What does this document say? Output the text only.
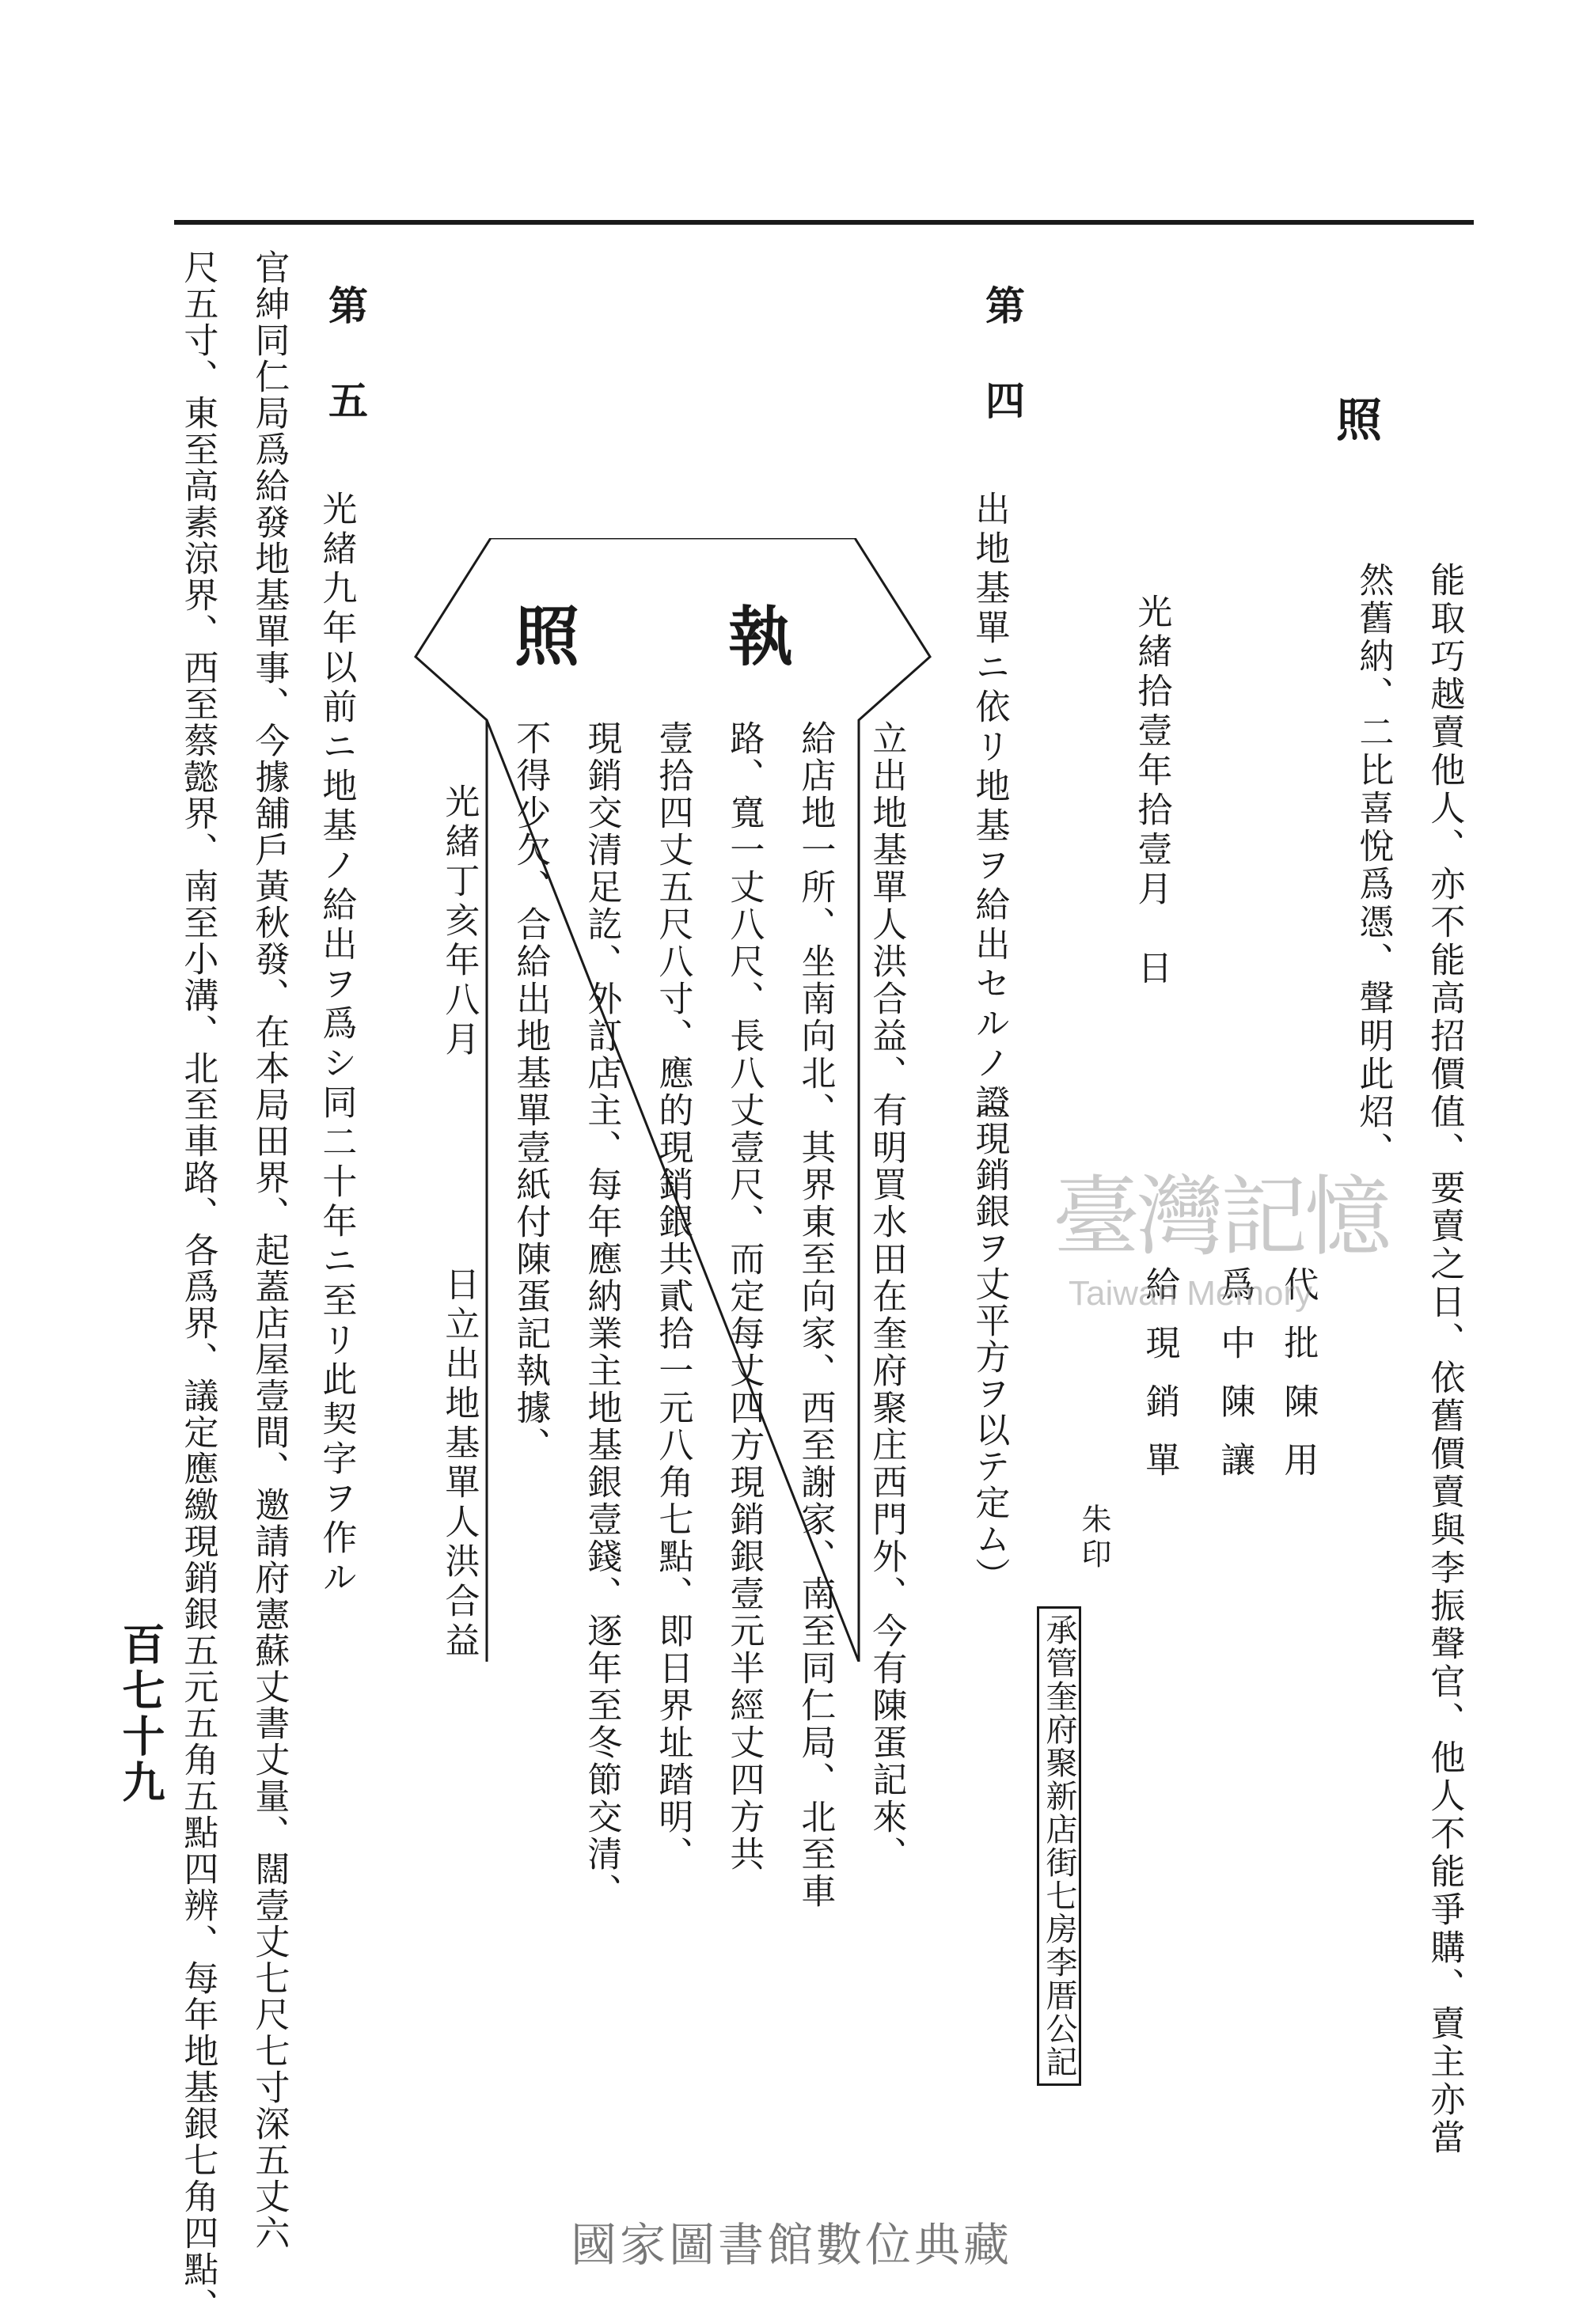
能取巧越賣他人、亦不能高招價值、要賣之日、依舊價賣與李振聲官、他人不能爭購、賣主亦當
然舊納、二比喜悅爲憑、聲明此炤、
照
光緒拾壹年拾壹月
日
代批陳用
爲中陳讓
給現銷單
朱印
承管奎府聚新店街七房李厝公記
第四
出地基單ニ依リ地基ヲ給出セルノ證
（現銷銀ヲ丈平方ヲ以テ定ム）
執
照
立出地基單人洪合益、有明買水田在奎府聚庄西門外、今有陳蛋記來、
給店地一所、坐南向北、其界東至向家、西至謝家、南至同仁局、北至車
路、寬一丈八尺、長八丈壹尺、而定每丈四方現銷銀壹元半經丈四方共
壹拾四丈五尺八寸、應的現銷銀共貳拾一元八角七點、即日界址踏明、
現銷交清足訖、外訂店主、每年應納業主地基銀壹錢、逐年至冬節交清、
不得少欠、合給出地基單壹紙付陳蛋記執據、
光緒丁亥年八月
日立出地基單人洪合益
第五
光緒九年以前ニ地基ノ給出ヲ爲シ同二十年ニ至リ此契字ヲ作ル
官紳同仁局爲給發地基單事、今據舖戶黃秋發、在本局田界、起蓋店屋壹間、邀請府憲蘇丈書丈量、闊壹丈七尺七寸深五丈六
尺五寸、東至高素涼界、西至蔡懿界、南至小溝、北至車路、各爲界、議定應繳現銷銀五元五角五點四辨、每年地基銀七角四點、
百七十九
臺灣記憶
Taiwan Memory
國家圖書館數位典藏
